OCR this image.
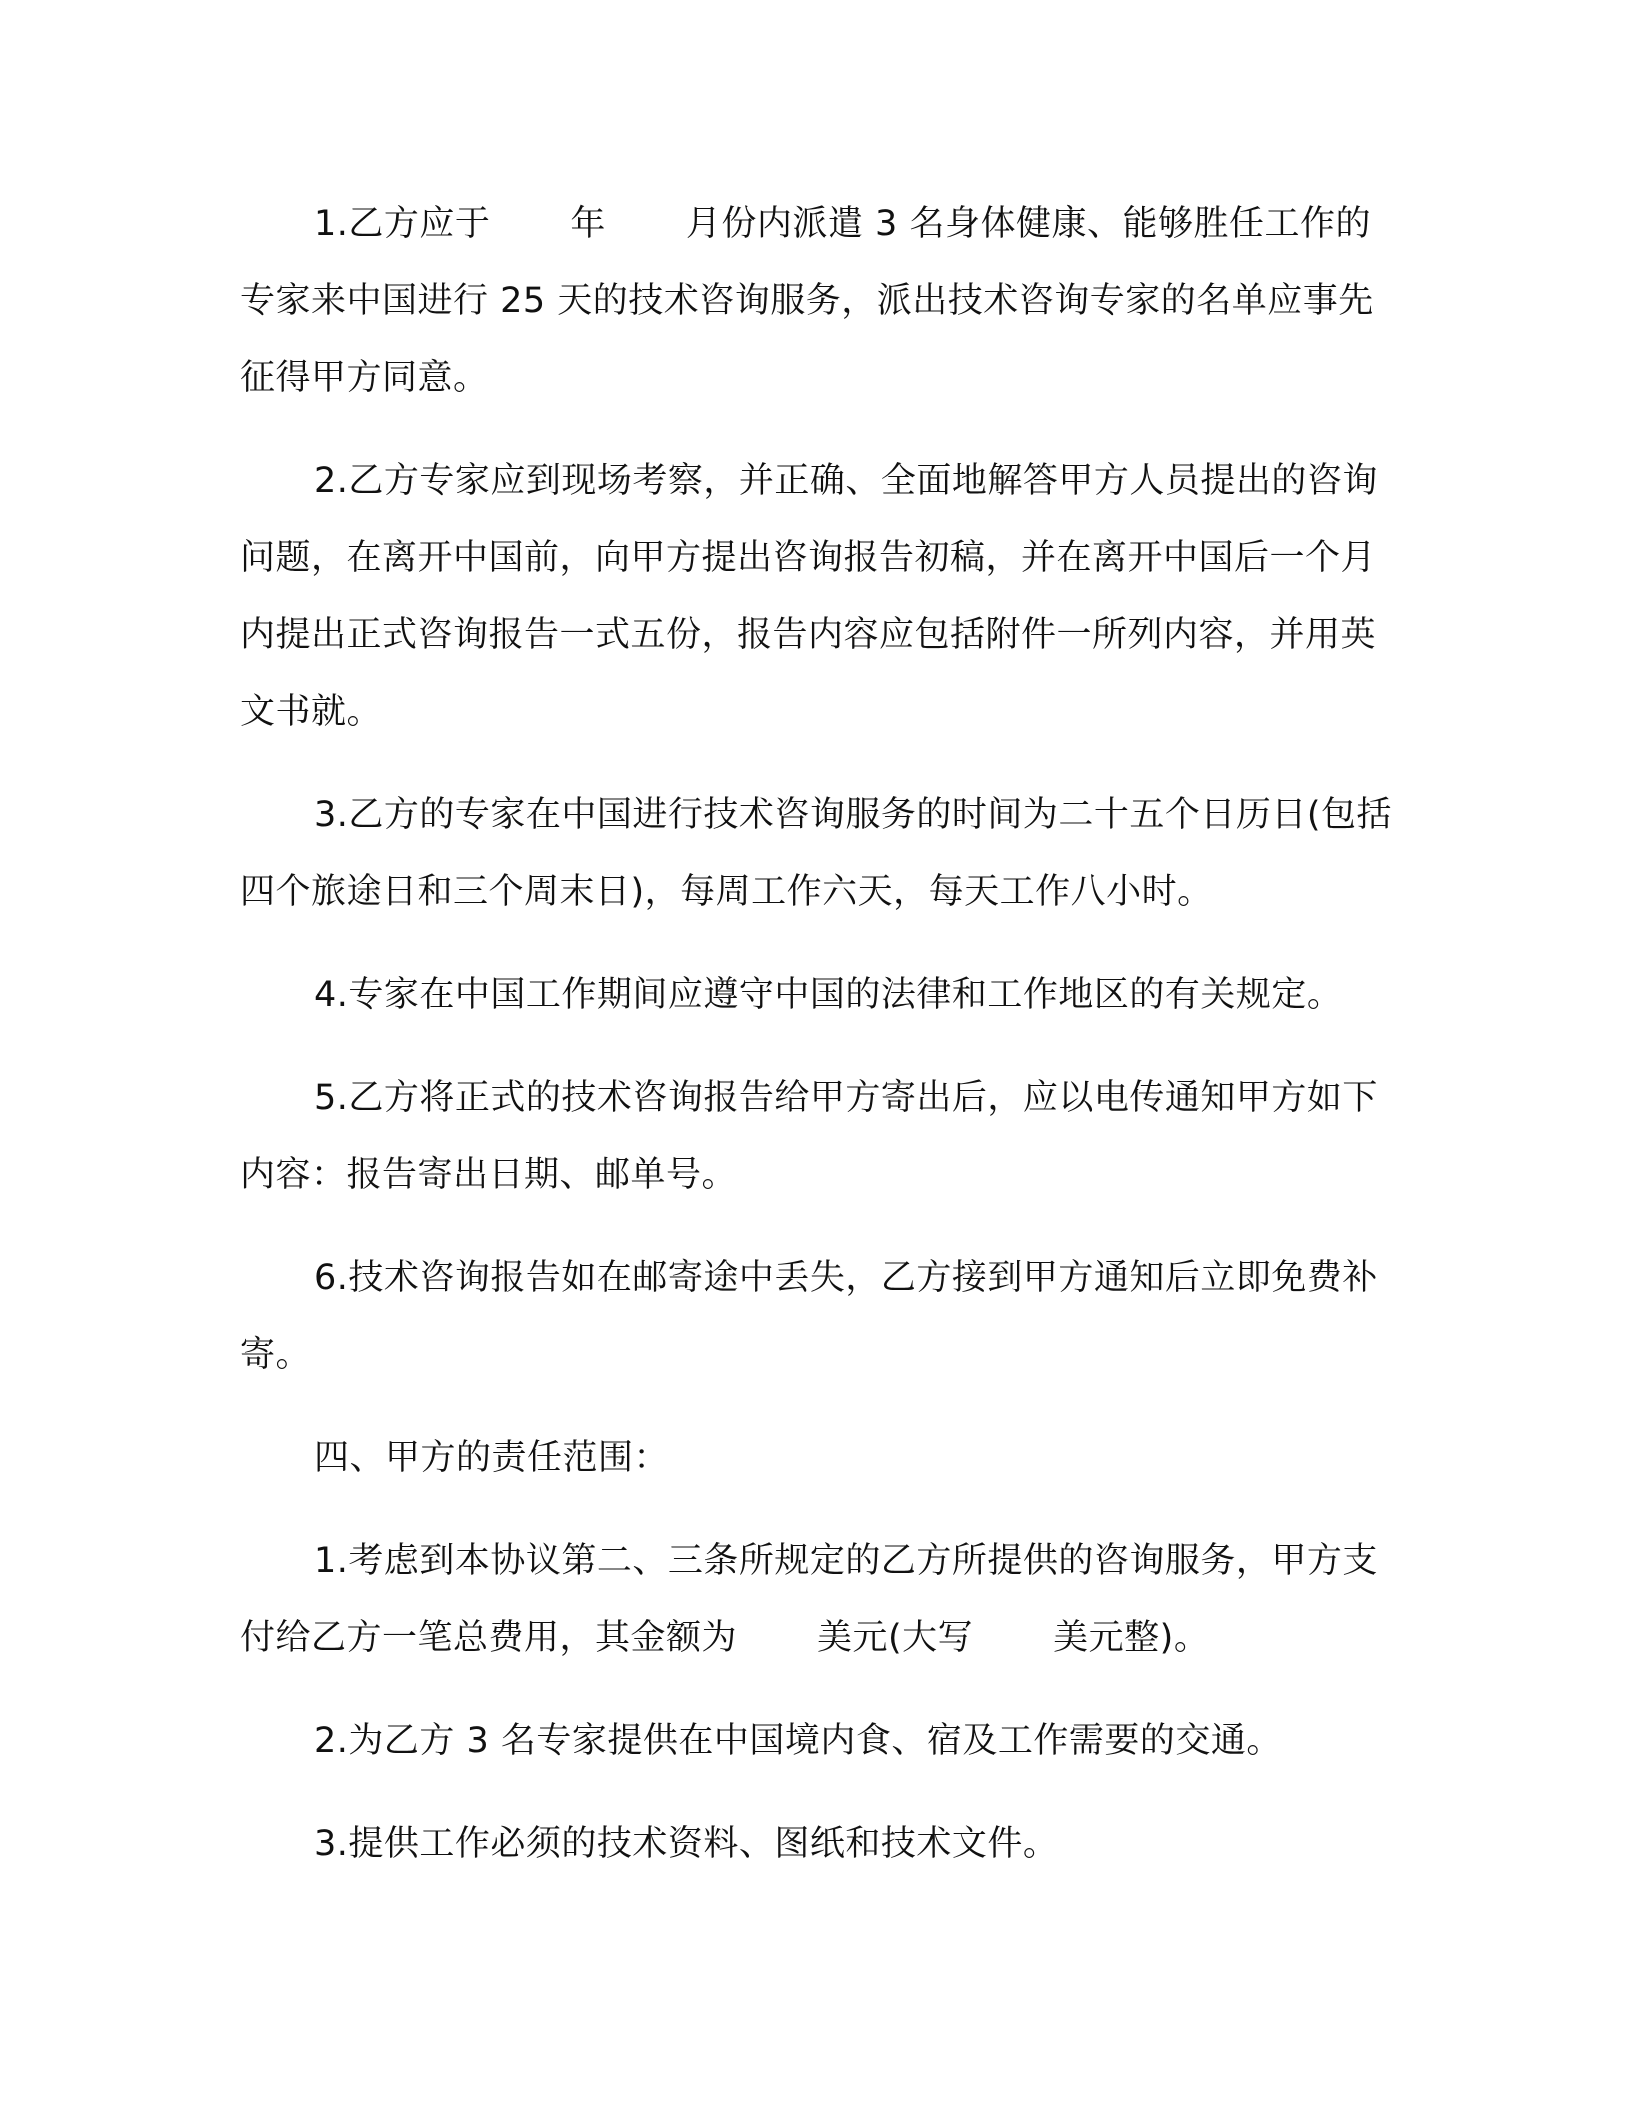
1.乙方应于 年 月份内派遣 3 名身体健康、能够胜任工作的专家来中国进行 25 天的技术咨询服务，派出技术咨询专家的名单应事先征得甲方同意。

2.乙方专家应到现场考察，并正确、全面地解答甲方人员提出的咨询问题，在离开中国前，向甲方提出咨询报告初稿，并在离开中国后一个月内提出正式咨询报告一式五份，报告内容应包括附件一所列内容，并用英文书就。

3.乙方的专家在中国进行技术咨询服务的时间为二十五个日历日(包括四个旅途日和三个周末日)，每周工作六天，每天工作八小时。

4.专家在中国工作期间应遵守中国的法律和工作地区的有关规定。

5.乙方将正式的技术咨询报告给甲方寄出后，应以电传通知甲方如下内容：报告寄出日期、邮单号。

6.技术咨询报告如在邮寄途中丢失，乙方接到甲方通知后立即免费补寄。

四、甲方的责任范围：

1.考虑到本协议第二、三条所规定的乙方所提供的咨询服务，甲方支付给乙方一笔总费用，其金额为 美元(大写 美元整)。

2.为乙方 3 名专家提供在中国境内食、宿及工作需要的交通。

3.提供工作必须的技术资料、图纸和技术文件。
